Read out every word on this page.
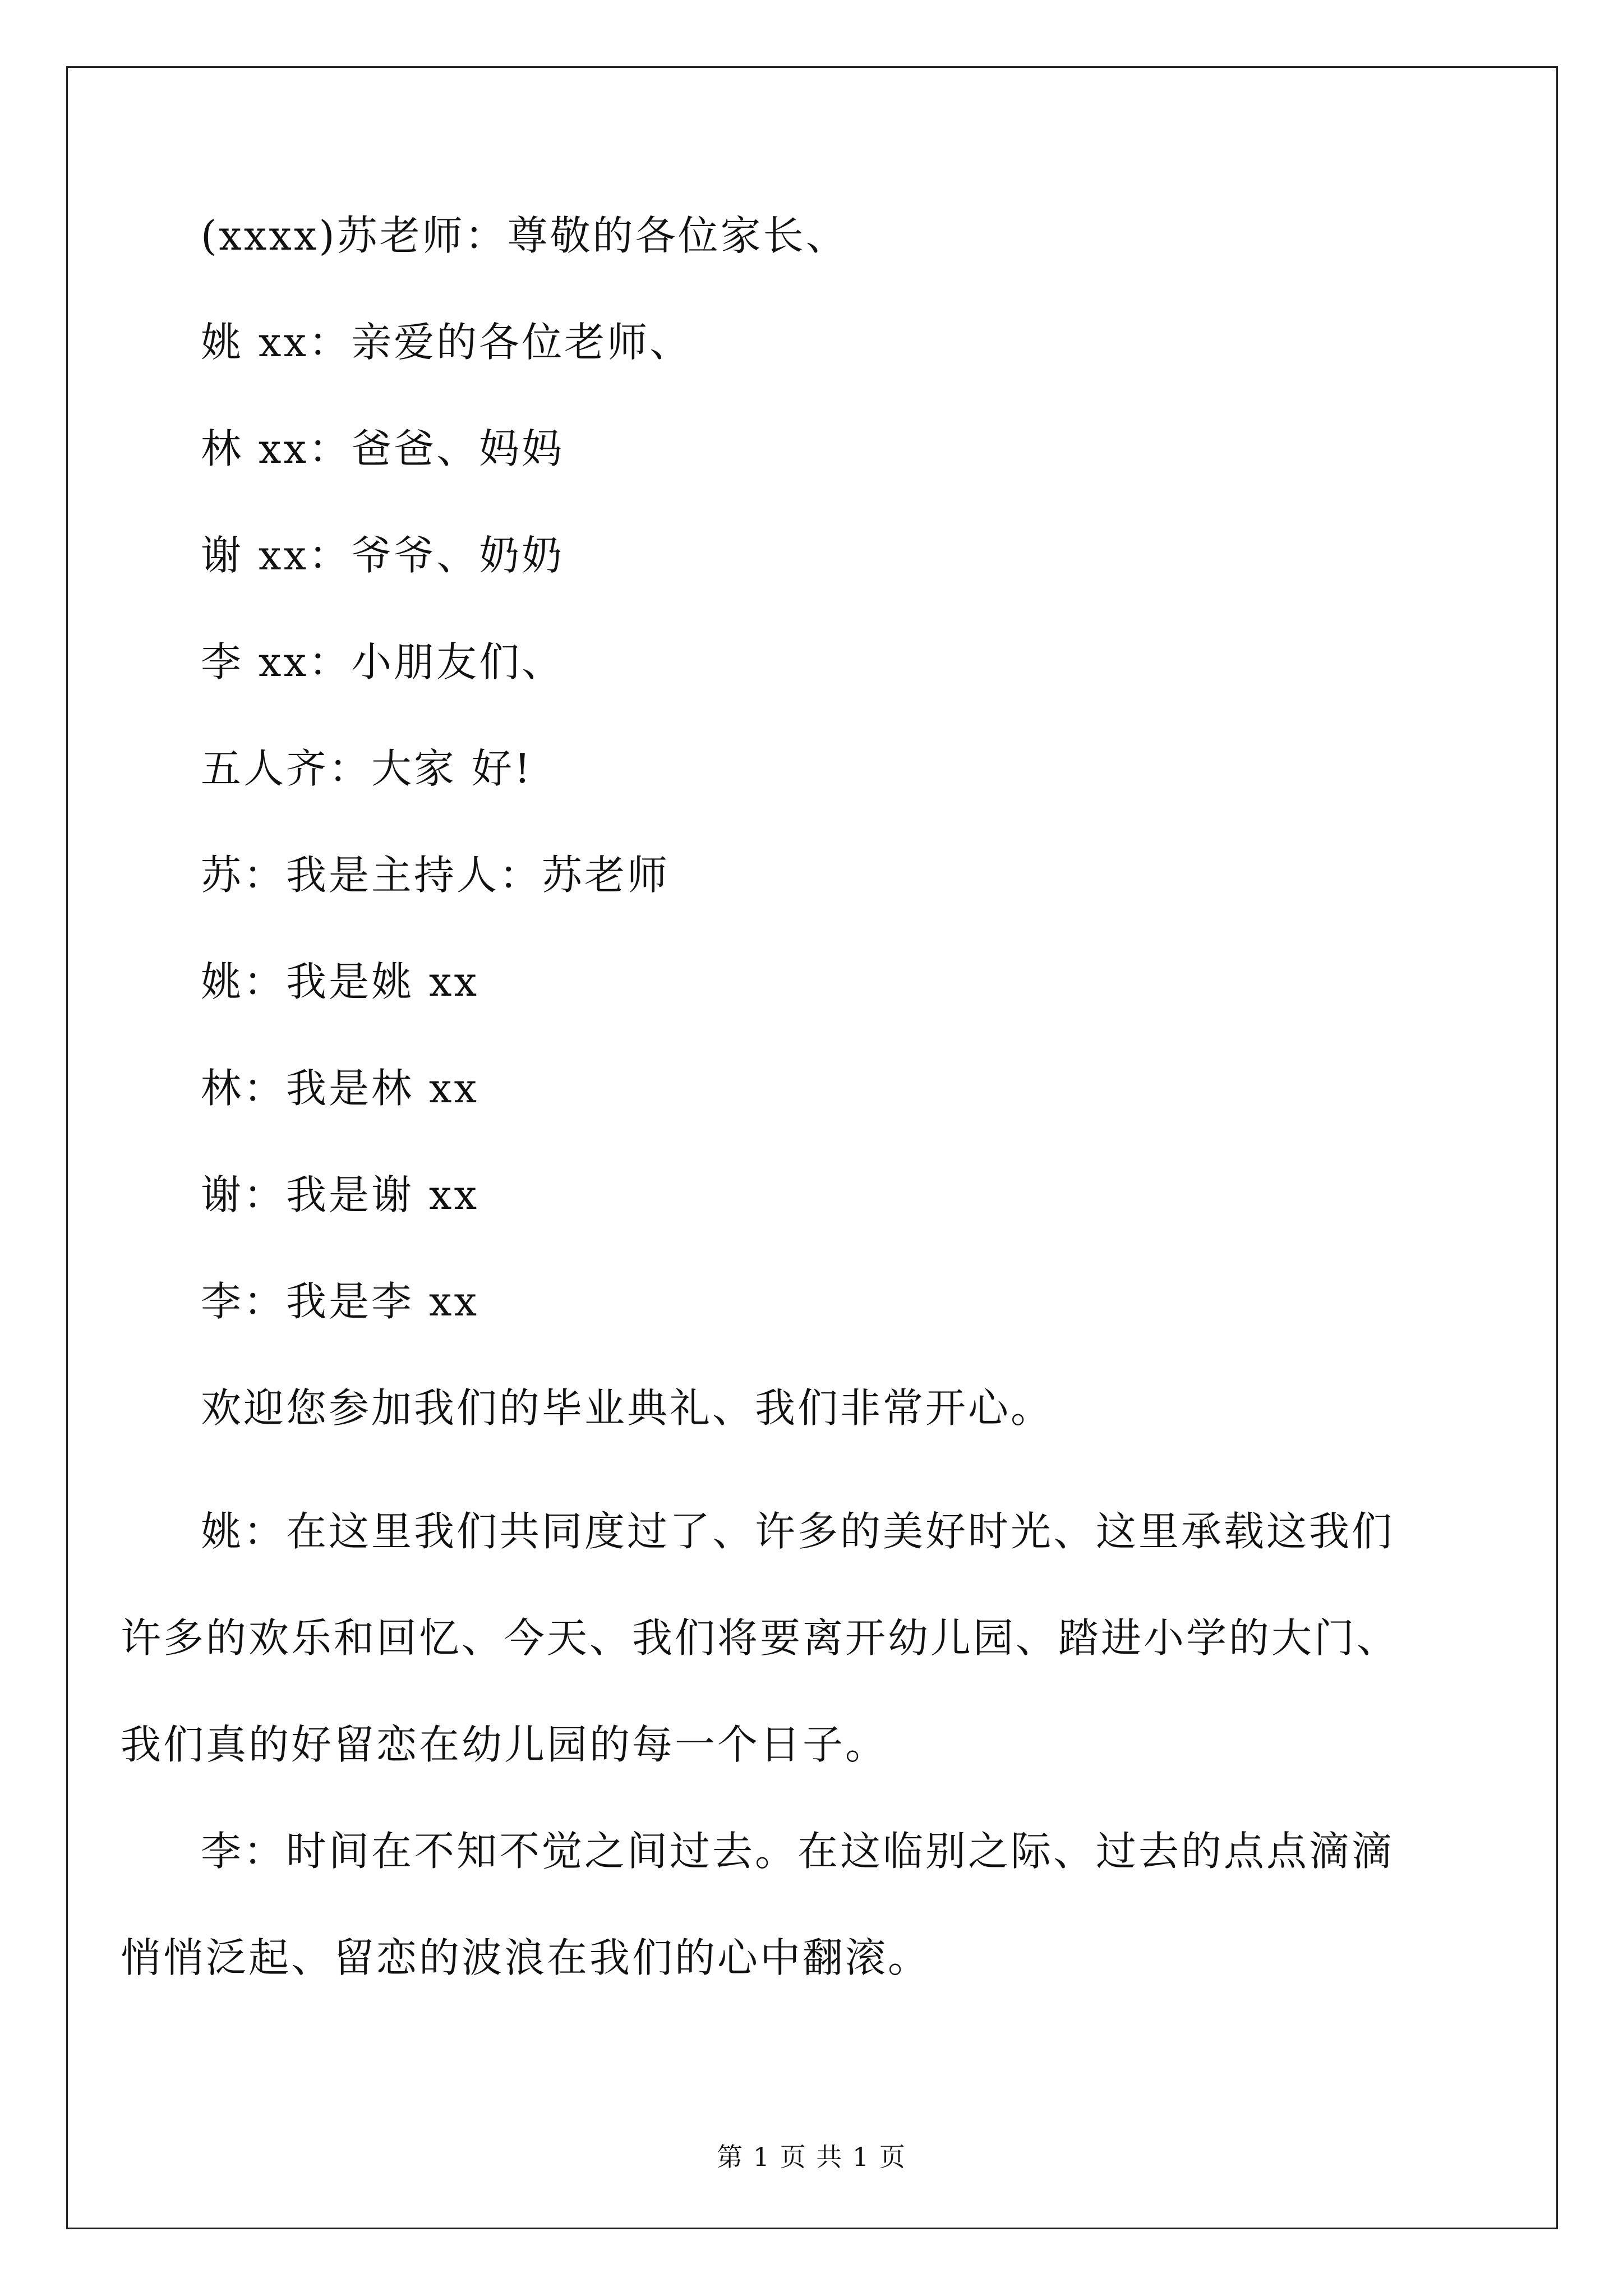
(xxxx)苏老师：尊敬的各位家长、
姚 xx：亲爱的各位老师、
林 xx：爸爸、妈妈
谢 xx：爷爷、奶奶
李 xx：小朋友们、
五人齐：大家 好!
苏：我是主持人：苏老师
姚：我是姚 xx
林：我是林 xx
谢：我是谢 xx
李：我是李 xx
欢迎您参加我们的毕业典礼、我们非常开心。
姚：在这里我们共同度过了、许多的美好时光、这里承载这我们
许多的欢乐和回忆、今天、我们将要离开幼儿园、踏进小学的大门、
我们真的好留恋在幼儿园的每一个日子。
李：时间在不知不觉之间过去。在这临别之际、过去的点点滴滴
悄悄泛起、留恋的波浪在我们的心中翻滚。
第 1 页 共 1 页
